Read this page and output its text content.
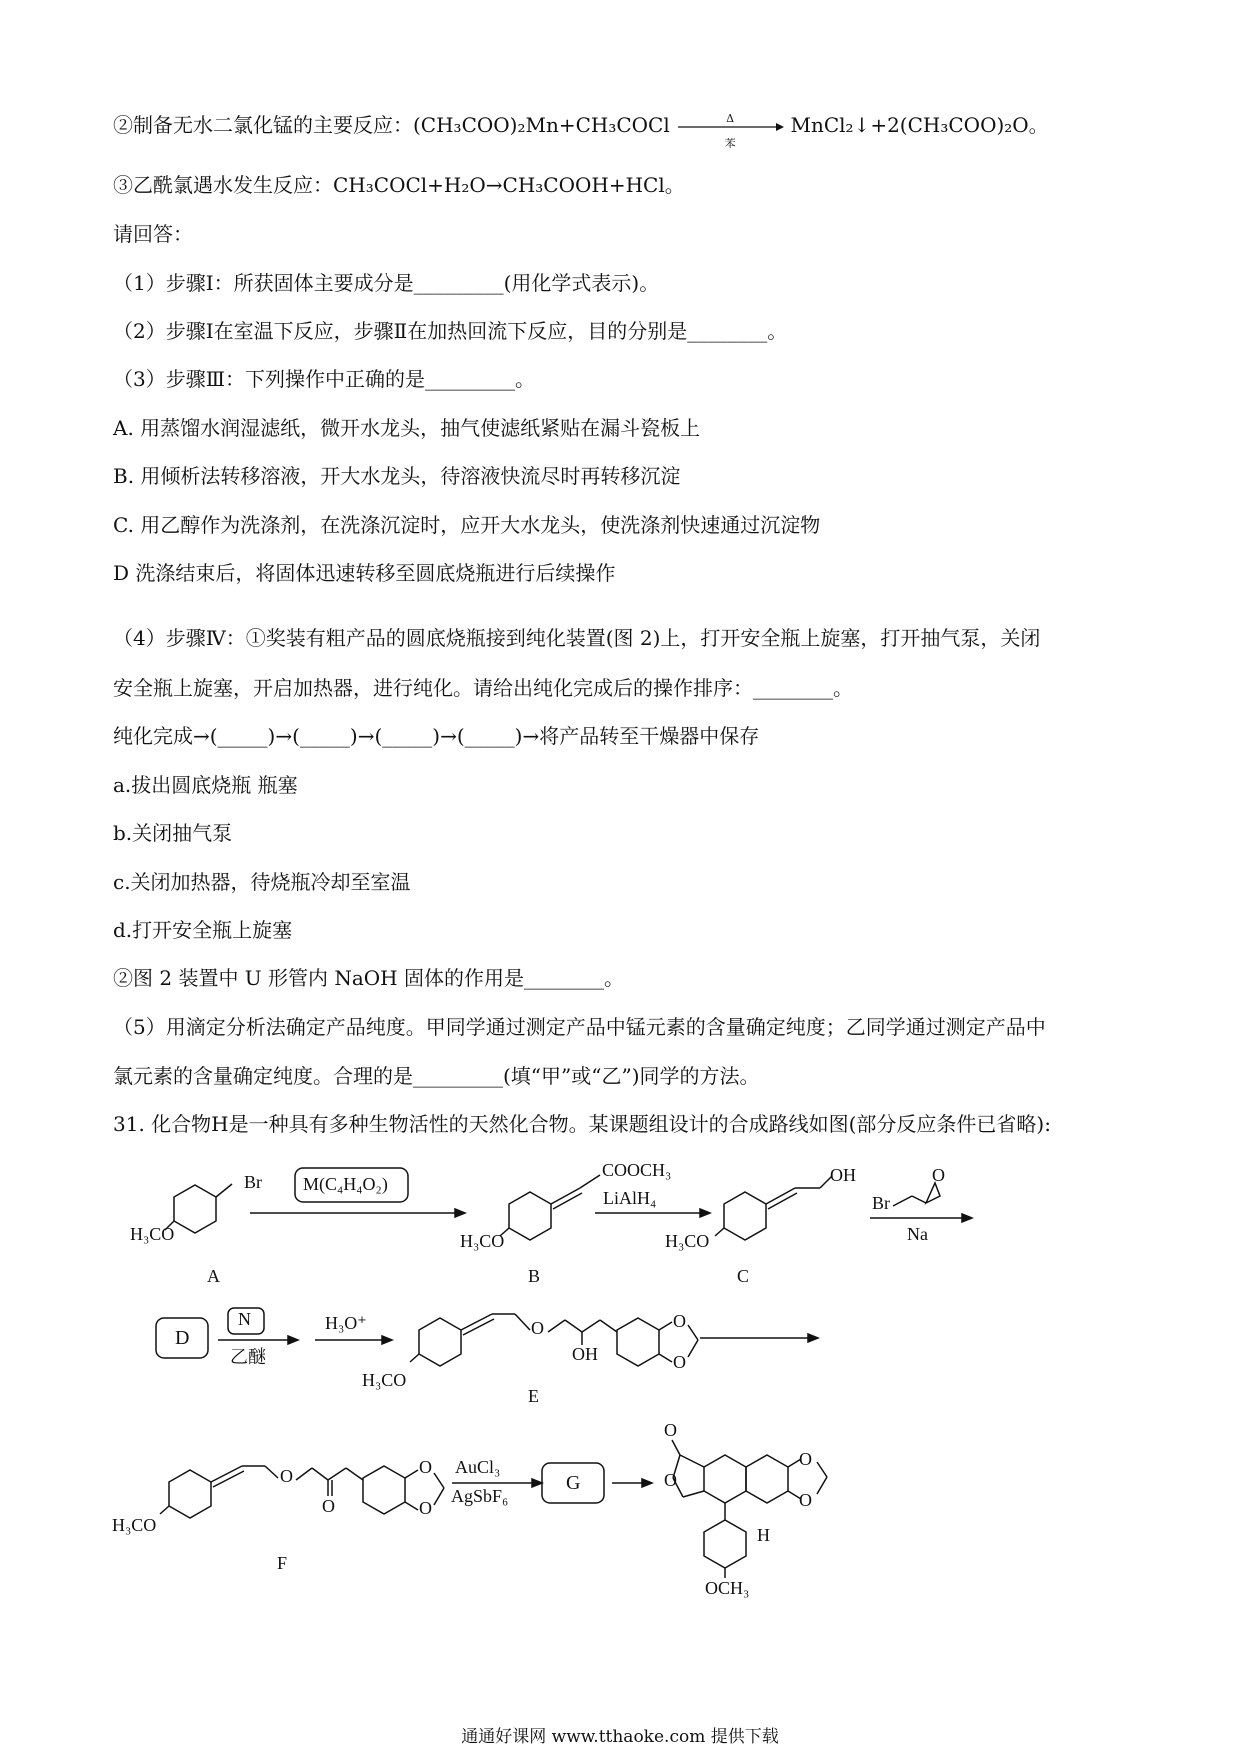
②制备无水二氯化锰的主要反应：(CH₃COO)₂Mn+CH₃COCl	Δ
苯
MnCl₂↓+2(CH₃COO)₂O。
③乙酰氯遇水发生反应：CH₃COCl+H₂O→CH₃COOH+HCl。
请回答：
（1）步骤Ⅰ：所获固体主要成分是_________(用化学式表示)。
（2）步骤Ⅰ在室温下反应，步骤Ⅱ在加热回流下反应，目的分别是________。
（3）步骤Ⅲ：下列操作中正确的是_________。
A. 用蒸馏水润湿滤纸，微开水龙头，抽气使滤纸紧贴在漏斗瓷板上
B. 用倾析法转移溶液，开大水龙头，待溶液快流尽时再转移沉淀
C. 用乙醇作为洗涤剂，在洗涤沉淀时，应开大水龙头，使洗涤剂快速通过沉淀物
D 洗涤结束后，将固体迅速转移至圆底烧瓶进行后续操作
（4）步骤Ⅳ：①奖装有粗产品的圆底烧瓶接到纯化装置(图 2)上，打开安全瓶上旋塞，打开抽气泵，关闭
安全瓶上旋塞，开启加热器，进行纯化。请给出纯化完成后的操作排序：________。
纯化完成→(_____)→(_____)→(_____)→(_____)→将产品转至干燥器中保存
a.拔出圆底烧瓶 瓶塞
b.关闭抽气泵
c.关闭加热器，待烧瓶冷却至室温
d.打开安全瓶上旋塞
②图 2 装置中 U 形管内 NaOH 固体的作用是________。
（5）用滴定分析法确定产品纯度。甲同学通过测定产品中锰元素的含量确定纯度；乙同学通过测定产品中
氯元素的含量确定纯度。合理的是_________(填“甲”或“乙”)同学的方法。
31. 化合物H是一种具有多种生物活性的天然化合物。某课题组设计的合成路线如图(部分反应条件已省略):
Br
H₃CO
A
M(C₄H₄O₂)
COOCH₃
H₃CO
B
LiAlH₄
OH
H₃CO
C
Br
O
Na
D
N
乙醚
H₃O⁺	O
OH
O
O
H₃CO
E
O
O
O
O
H₃CO
F
AuCl₃
AgSbF₆
G
O
O
O
O
H
OCH₃
通通好课网 www.tthaoke.com 提供下载
